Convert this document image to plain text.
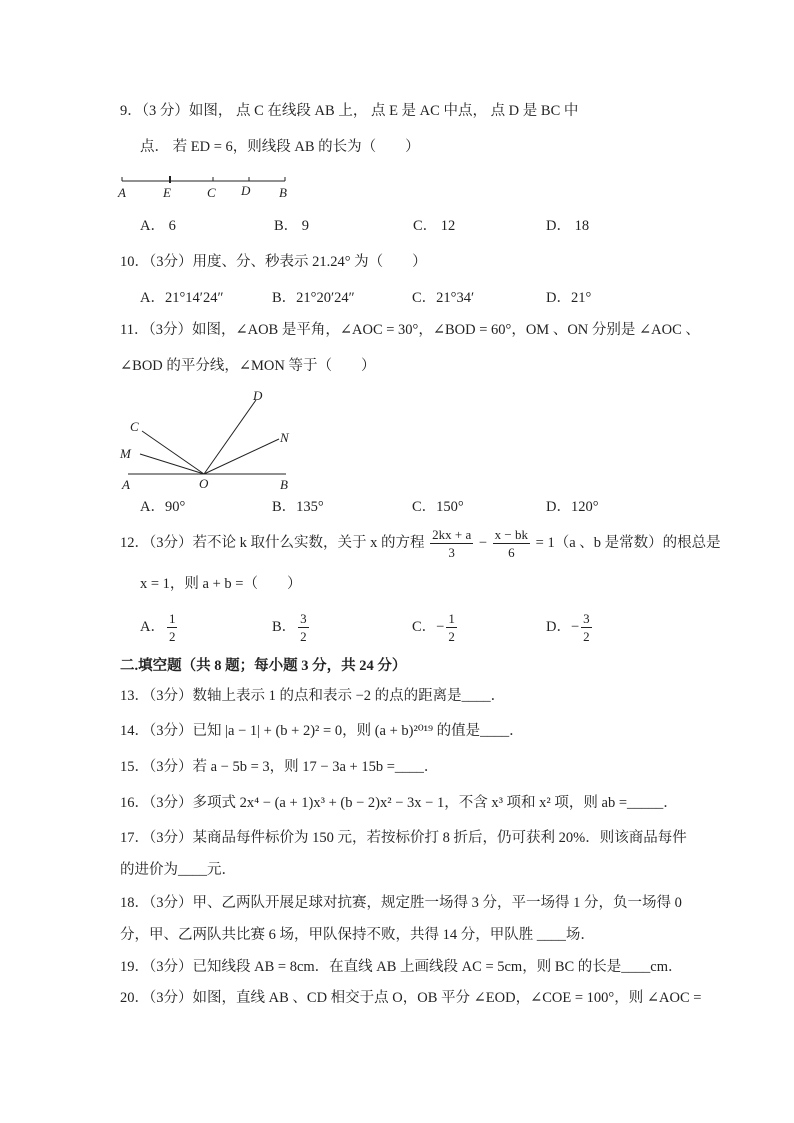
9．（3 分）如图， 点 C 在线段 AB 上， 点 E 是 AC 中点， 点 D 是 BC 中
点． 若 ED = 6，则线段 AB 的长为（　　）
A	E	C D B
A． 6	B． 9	C． 12	D． 18
10．（3分）用度、分、秒表示 21.24° 为（　　）
A．21°14′24″	B．21°20′24″	C．21°34′	D．21°
11．（3分）如图，∠AOB 是平角，∠AOC = 30°，∠BOD = 60°，OM 、ON 分别是 ∠AOC 、
∠BOD 的平分线，∠MON 等于（　　）
D
C
N
M
A	O	B
A．90°	B．135°	C．150°	D．120°
12．（3分）若不论 k 取什么实数，关于 x 的方程 $\frac{2kx + a}{3} - \frac{x - bk}{6} = 1(a$ 、b 是常数）的根总是
x = 1，则 a + b =（　　）
A． $\frac{1}{2}$	B． $\frac{3}{2}$	C．− $\frac{1}{2}$	D．− $\frac{3}{2}$
二.填空题（共 8 题；每小题 3 分，共 24 分）
13．（3分）数轴上表示 1 的点和表示 −2 的点的距离是____．
14．（3分）已知 |a − 1| + (b + 2)² = 0，则 (a + b)²⁰¹⁹ 的值是____．
15．（3分）若 a − 5b = 3，则 17 − 3a + 15b =____．
16．（3分）多项式 2x⁴ − (a + 1)x³ + (b − 2)x² − 3x − 1，不含 x³ 项和 x² 项，则 ab =_____．
17．（3分）某商品每件标价为 150 元，若按标价打 8 折后，仍可获利 20%．则该商品每件
的进价为____元．
18．（3分）甲、乙两队开展足球对抗赛，规定胜一场得 3 分，平一场得 1 分，负一场得 0
分，甲、乙两队共比赛 6 场，甲队保持不败，共得 14 分，甲队胜 ____场．
19．（3分）已知线段 AB = 8cm．在直线 AB 上画线段 AC = 5cm，则 BC 的长是____cm．
20．（3分）如图，直线 AB 、CD 相交于点 O，OB 平分 ∠EOD，∠COE = 100°，则 ∠AOC =
